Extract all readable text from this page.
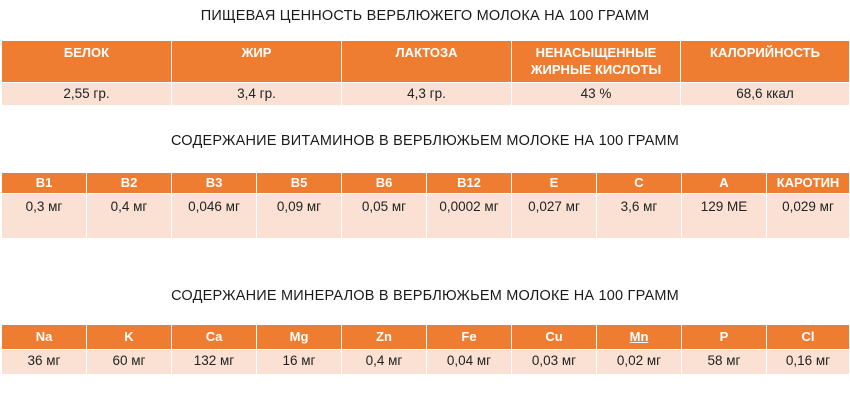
ПИЩЕВАЯ ЦЕННОСТЬ ВЕРБЛЮЖЕГО МОЛОКА НА 100 ГРАММ
БЕЛОК	ЖИР	ЛАКТОЗА	НЕНАСЫЩЕННЫЕ ЖИРНЫЕ КИСЛОТЫ	КАЛОРИЙНОСТЬ
2,55 гр.	3,4 гр.	4,3 гр.	43 %	68,6 ккал
СОДЕРЖАНИЕ ВИТАМИНОВ В ВЕРБЛЮЖЬЕМ МОЛОКЕ НА 100 ГРАММ
B1	B2	B3	B5	B6	B12	E	C	A	КАРОТИН
0,3 мг	0,4 мг	0,046 мг	0,09 мг	0,05 мг	0,0002 мг	0,027 мг	3,6 мг	129 МЕ	0,029 мг
СОДЕРЖАНИЕ МИНЕРАЛОВ В ВЕРБЛЮЖЬЕМ МОЛОКЕ НА 100 ГРАММ
Na	K	Ca	Mg	Zn	Fe	Cu	Mn	P	Cl
36 мг	60 мг	132 мг	16 мг	0,4 мг	0,04 мг	0,03 мг	0,02 мг	58 мг	0,16 мг
